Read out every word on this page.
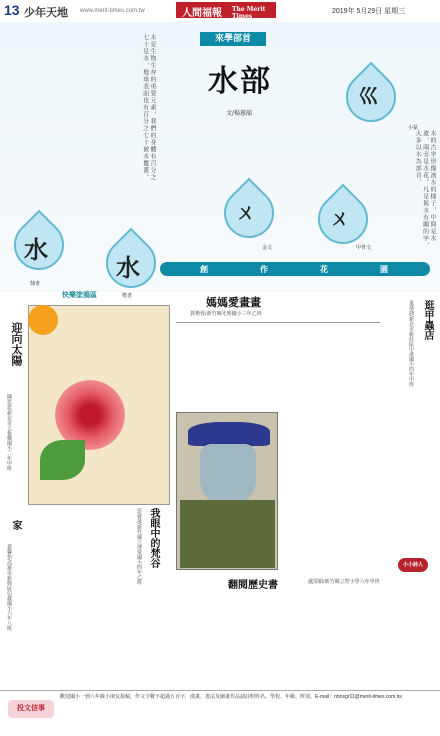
13 少年天地 www.merit-times.com.tw	人間福報 The Merit Times
2019年 5月29日 星期三
水是生物生存的重要元素，我們的身體有百分之七十是水，地球表面也有百分之七十被水覆蓋。
水的古字形像流水的樣子，中間是水流，兩旁是水花。凡是與水有關的字，大多以水為部首。
來學部首
水部
文/楊蕙韻
水
隸書
水
楷書
ㄨ
金文
ㄨ
甲骨文
巛
小篆
創	作	花	園
快樂塗鴉區
迎向太陽
陳思恩/新北市立板橋國小二年甲班
媽媽愛畫畫
賀楷蓉/新竹縣光明國小三年乙班
我眼中的梵谷
彭睿晟/新竹縣立博愛國小四年乙班
逛甲蟲店
童郁涵/新北市新莊區中港國小四年甲班
家
黃馨怡/高雄市新興區信義國小六年八班	翻閱歷史書	盧霈穎/新竹縣立智小學六年甲班
小小詩人
投文信事
歡迎國小一到六年級小朋友投稿，作文字數不超過五百字，漫畫、書法及圖畫作品請註明姓名、學校、年級、班別。E-mail：nbnsgr11@merit-times.com.tw
